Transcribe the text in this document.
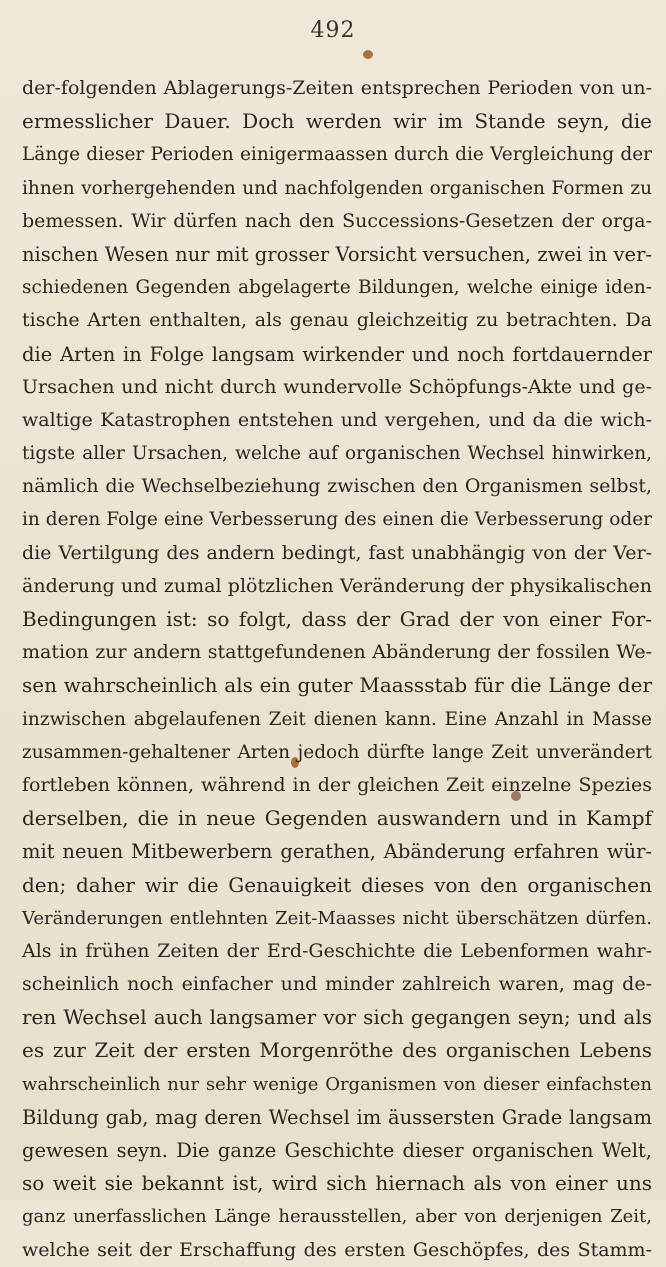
492
der-folgenden Ablagerungs-Zeiten entsprechen Perioden von un-
ermesslicher Dauer. Doch werden wir im Stande seyn, die
Länge dieser Perioden einigermaassen durch die Vergleichung der
ihnen vorhergehenden und nachfolgenden organischen Formen zu
bemessen. Wir dürfen nach den Successions-Gesetzen der orga-
nischen Wesen nur mit grosser Vorsicht versuchen, zwei in ver-
schiedenen Gegenden abgelagerte Bildungen, welche einige iden-
tische Arten enthalten, als genau gleichzeitig zu betrachten. Da
die Arten in Folge langsam wirkender und noch fortdauernder
Ursachen und nicht durch wundervolle Schöpfungs-Akte und ge-
waltige Katastrophen entstehen und vergehen, und da die wich-
tigste aller Ursachen, welche auf organischen Wechsel hinwirken,
nämlich die Wechselbeziehung zwischen den Organismen selbst,
in deren Folge eine Verbesserung des einen die Verbesserung oder
die Vertilgung des andern bedingt, fast unabhängig von der Ver-
änderung und zumal plötzlichen Veränderung der physikalischen
Bedingungen ist: so folgt, dass der Grad der von einer For-
mation zur andern stattgefundenen Abänderung der fossilen We-
sen wahrscheinlich als ein guter Maassstab für die Länge der
inzwischen abgelaufenen Zeit dienen kann. Eine Anzahl in Masse
zusammen-gehaltener Arten jedoch dürfte lange Zeit unverändert
fortleben können, während in der gleichen Zeit einzelne Spezies
derselben, die in neue Gegenden auswandern und in Kampf
mit neuen Mitbewerbern gerathen, Abänderung erfahren wür-
den; daher wir die Genauigkeit dieses von den organischen
Veränderungen entlehnten Zeit-Maasses nicht überschätzen dürfen.
Als in frühen Zeiten der Erd-Geschichte die Lebenformen wahr-
scheinlich noch einfacher und minder zahlreich waren, mag de-
ren Wechsel auch langsamer vor sich gegangen seyn; und als
es zur Zeit der ersten Morgenröthe des organischen Lebens
wahrscheinlich nur sehr wenige Organismen von dieser einfachsten
Bildung gab, mag deren Wechsel im äussersten Grade langsam
gewesen seyn. Die ganze Geschichte dieser organischen Welt,
so weit sie bekannt ist, wird sich hiernach als von einer uns
ganz unerfasslichen Länge herausstellen, aber von derjenigen Zeit,
welche seit der Erschaffung des ersten Geschöpfes, des Stamm-
